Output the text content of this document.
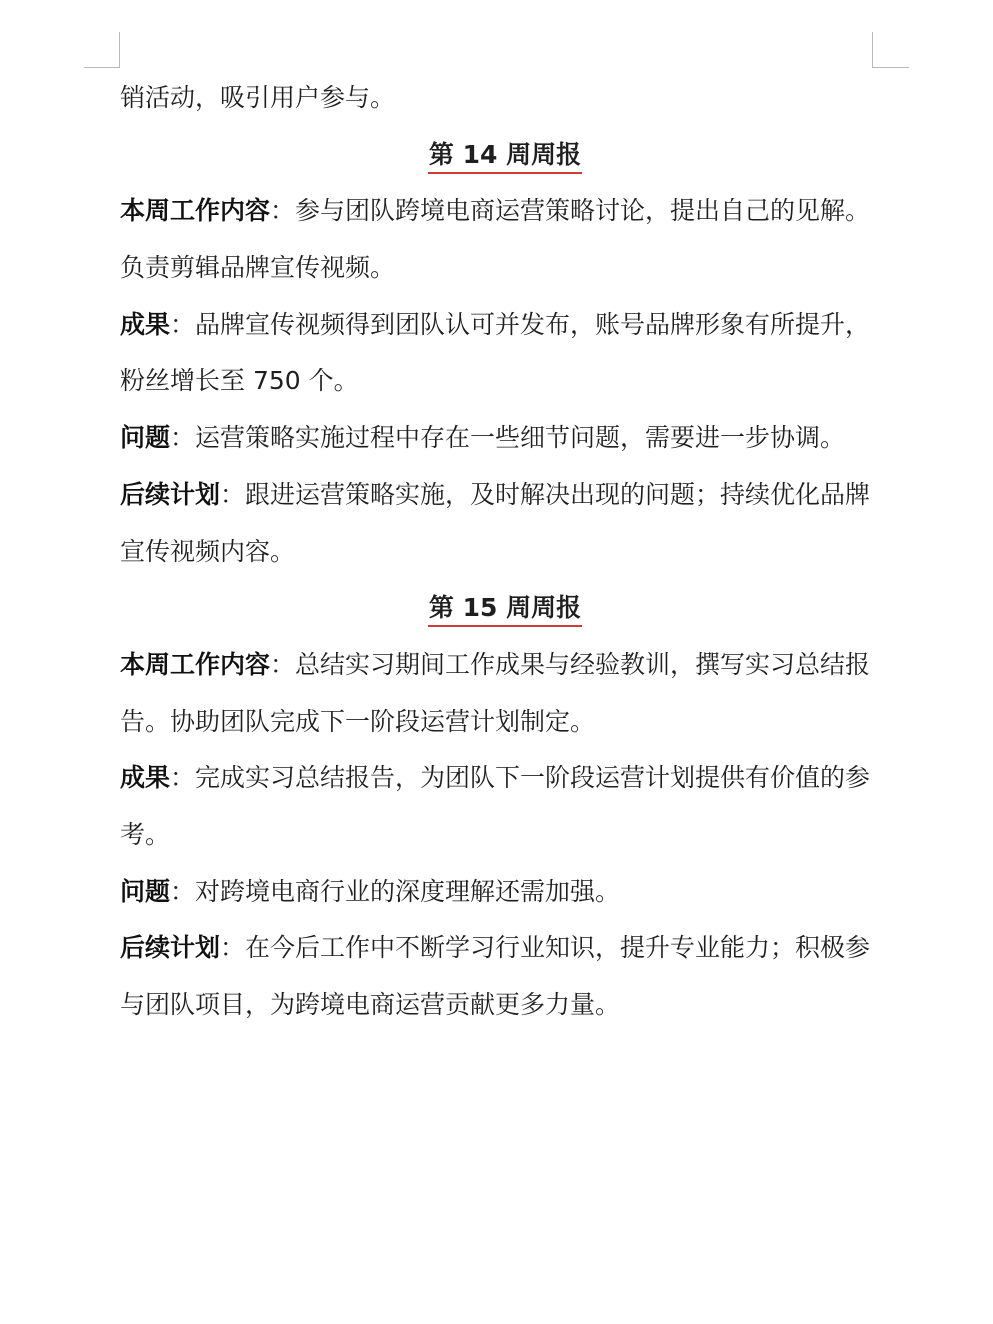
销活动，吸引用户参与。
第 14 周周报
本周工作内容：参与团队跨境电商运营策略讨论，提出自己的见解。
负责剪辑品牌宣传视频。
成果：品牌宣传视频得到团队认可并发布，账号品牌形象有所提升，
粉丝增长至 750 个。
问题：运营策略实施过程中存在一些细节问题，需要进一步协调。
后续计划：跟进运营策略实施，及时解决出现的问题；持续优化品牌
宣传视频内容。
第 15 周周报
本周工作内容：总结实习期间工作成果与经验教训，撰写实习总结报
告。协助团队完成下一阶段运营计划制定。
成果：完成实习总结报告，为团队下一阶段运营计划提供有价值的参
考。
问题：对跨境电商行业的深度理解还需加强。
后续计划：在今后工作中不断学习行业知识，提升专业能力；积极参
与团队项目，为跨境电商运营贡献更多力量。
